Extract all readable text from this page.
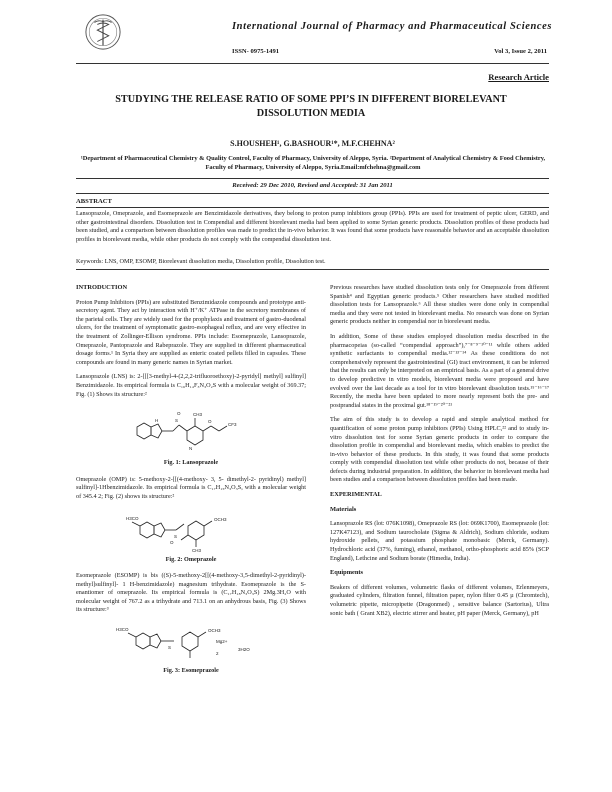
International Journal of Pharmacy and Pharmaceutical Sciences
ISSN- 0975-1491	Vol 3, Issue 2, 2011
Research Article
STUDYING THE RELEASE RATIO OF SOME PPI’S IN DIFFERENT BIORELEVANT DISSOLUTION MEDIA
S.HOUSHEH¹, G.BASHOUR¹*, M.F.CHEHNA²
¹Department of Pharmaceutical Chemistry & Quality Control, Faculty of Pharmacy, University of Aleppo, Syria. ²Department of Analytical Chemistry & Food Chemistry, Faculty of Pharmacy, University of Aleppo, Syria.Email:mfchehna@gmail.com
Received: 29 Dec 2010, Revised and Accepted: 31 Jan 2011
ABSTRACT
Lansoprazole, Omeprazole, and Esomeprazole are Benzimidazole derivatives, they belong to proton pump inhibitors group (PPIs). PPIs are used for treatment of peptic ulcer, GERD, and other gastrointestinal disorders. Dissolution test in Compendial and different biorelevant media had been applied to some Syrian generic products. Dissolution profiles of these products had been studied, and a comparison between dissolution profiles was made to predict the in-vivo behavior. It was found that some products have reasonable behavior and an acceptable dissolution profiles in biorelevant media, while other products do not comply with the compendial dissolution test.
Keywords: LNS, OMP, ESOMP, Biorelevant dissolution media, Dissolution profile, Dissolution test.
INTRODUCTION

Proton Pump Inhibitors (PPIs) are substituted Benzimidazole compounds and prototype anti-secretory agent. They act by interaction with H⁺/K⁺ ATPase in the secretory membranes of the parietal cells. They are widely used for the prophylaxis and treatment of gastro-duodenal ulcers, for the treatment of symptomatic gastro-esophageal reflux, and are very effective in the treatment of Zollinger-Ellison syndrome. PPIs include: Esomeprazole, Lansoprazole, Omeprazole, Pantoprazole and Rabeprazole. They are supplied in different pharmaceutical dosage forms.¹ In Syria they are supplied as enteric coated pellets filled in capsules. These compounds are found in many generic names in Syrian market.

Lansoprazole (LNS) is: 2-[[[3-methyl-4-(2,2,2-trifluoroethoxy)-2-pyridyl] methyl] sulfinyl] Benzimidazole. Its empirical formula is C₁₆H₁₄F₃N₃O₂S with a molecular weight of 369.37; Fig. (1) Shows its structure:²

S
O
H
CF3
O
CH3
N
Fig. 1: Lansoprazole

Omeprazole (OMP) is: 5-methoxy-2-[[(4-methoxy- 3, 5- dimethyl-2- pyridinyl) methyl] sulfinyl]-1Hbenzimidazole. Its empirical formula is C₁₇H₁₉N₃O₃S, with a molecular weight of 345.4 2; Fig. (2) shows its structure:²

H3CO
S
OCH3
CH3
O
Fig. 2: Omeprazole

Esomeprazole (ESOMP) is bis ((S)-5-methoxy-2[[(4-methoxy-3,5-dimethyl-2-pyridinyl)-methyl]sulfinyl]- 1 H-benzimidazole) magnesium trihydrate. Esomeprazole is the S-enantiomer of omeprazole. Its empirical formula is (C₁₇H₁₈N₃O₃S) 2Mg.3H₂O with molecular weight of 767.2 as a trihydrate and 713.1 on an anhydrous basis, Fig. (3) Shows its structure:³

H3CO
S
OCH3
Mg2+
3H2O
2
Fig. 3: Esomeprazole

Previous researches have studied dissolution tests only for Omeprazole from different Spanish⁴ and Egyptian generic products.⁵ Other researchers have studied modified dissolution tests for Lansoprazole.⁶ All these studies were done only in compendial media and they were not tested in biorelevant media. No research was done on Syrian generic products neither in compendial nor in biorelevant media.

In addition, Some of these studies employed dissolution media described in the pharmacopeias (so-called “compendial approach”),⁷⁻⁸⁻⁹⁻¹⁰⁻¹¹ while others added synthetic surfactants to compendial media.¹²⁻¹³⁻¹⁴ As these conditions do not comprehensively represent the gastrointestinal (GI) tract environment, it can be inferred that the results can only be interpreted on an empirical basis. As a part of a general drive to develop predictive in vitro models, biorelevant media were proposed and have evolved over the last decade as a tool for in vitro biorelevant dissolution tests.¹⁵⁻¹⁶⁻¹⁷ Recently, the media have been updated to more nearly represent both the pre- and postprandial states in the proximal gut.¹⁸⁻¹⁹⁻²⁰⁻²¹

The aim of this study is to develop a rapid and simple analytical method for quantification of some proton pump inhibitors (PPIs) Using HPLC,²² and to study in-vitro dissolution test for some Syrian generic products in order to compare the dissolution profile in compendial and biorelevant media, which enables to predict the in-vivo behavior of these products. In this study, it was found that some products comply with compendial dissolution test while other products do not, because of their defects during industrial preparation. In addition, the behavior in biorelevant media had been studies and a comparison between dissolution profiles had been made.

EXPERIMENTAL
Materials

Lansoprazole RS (lot: 076K1098), Omeprazole RS (lot: 069K1700), Esomeprazole (lot: 127K47123), and Sodium taurocholate (Sigma & Aldrich), Sodium chloride, sodium hydroxide pellets, and potassium phosphate monobasic (Merck, Germany). Hydrochloric acid (37%, fuming), ethanol, methanol, ortho-phosphoric acid 85% (SCP England), Lethcine and Sodium borate (Himedia, India).

Equipments

Beakers of different volumes, volumetric flasks of different volumes, Erlenmeyers, graduated cylinders, filtration funnel, filtration paper, nylon filter 0.45 µ (Chromtech), volumetric pipette, micropipette (Dragonmed) , sensitive balance (Sartorius), Ultra sonic bath ( Grant XB2), electric stirrer and heater, pH paper (Merck, Germany), pH
